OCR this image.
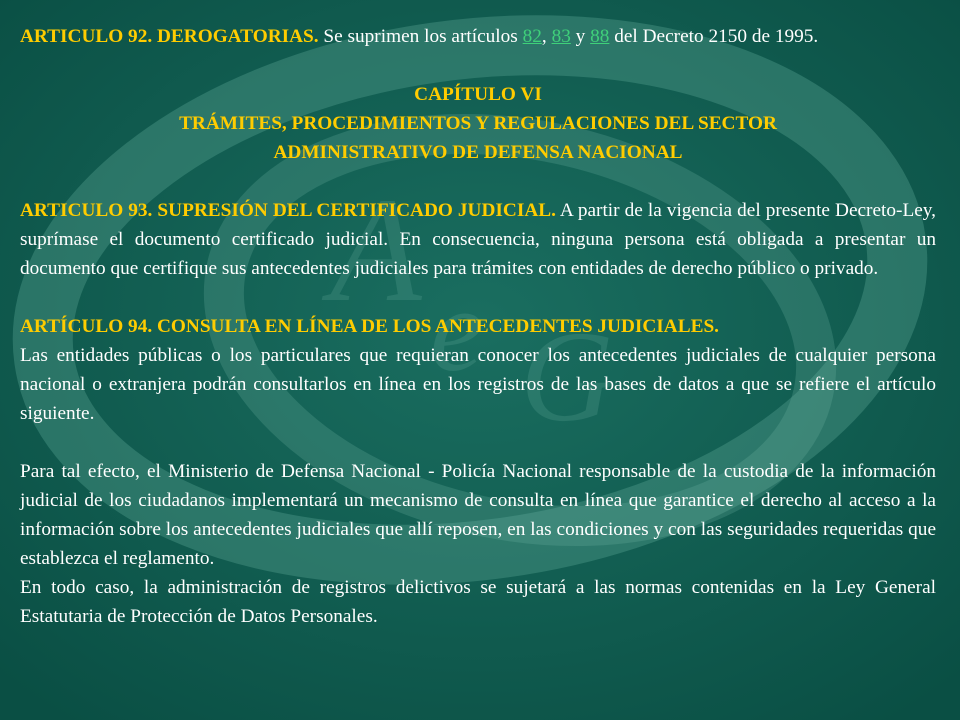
A e G

ARTICULO 92. DEROGATORIAS. Se suprimen los artículos 82, 83 y 88 del Decreto 2150 de 1995.

CAPÍTULO VI

TRÁMITES, PROCEDIMIENTOS Y REGULACIONES DEL SECTOR

ADMINISTRATIVO DE DEFENSA NACIONAL

ARTICULO 93. SUPRESIÓN DEL CERTIFICADO JUDICIAL. A partir de la vigencia del presente Decreto-Ley, suprímase el documento certificado judicial. En consecuencia, ninguna persona está obligada a presentar un documento que certifique sus antecedentes judiciales para trámites con entidades de derecho público o privado.

ARTÍCULO 94. CONSULTA EN LÍNEA DE LOS ANTECEDENTES JUDICIALES.

Las entidades públicas o los particulares que requieran conocer los antecedentes judiciales de cualquier persona nacional o extranjera podrán consultarlos en línea en los registros de las bases de datos a que se refiere el artículo siguiente.

Para tal efecto, el Ministerio de Defensa Nacional - Policía Nacional responsable de la custodia de la información judicial de los ciudadanos implementará un mecanismo de consulta en línea que garantice el derecho al acceso a la información sobre los antecedentes judiciales que allí reposen, en las condiciones y con las seguridades requeridas que establezca el reglamento.

En todo caso, la administración de registros delictivos se sujetará a las normas contenidas en la Ley General Estatutaria de Protección de Datos Personales.
